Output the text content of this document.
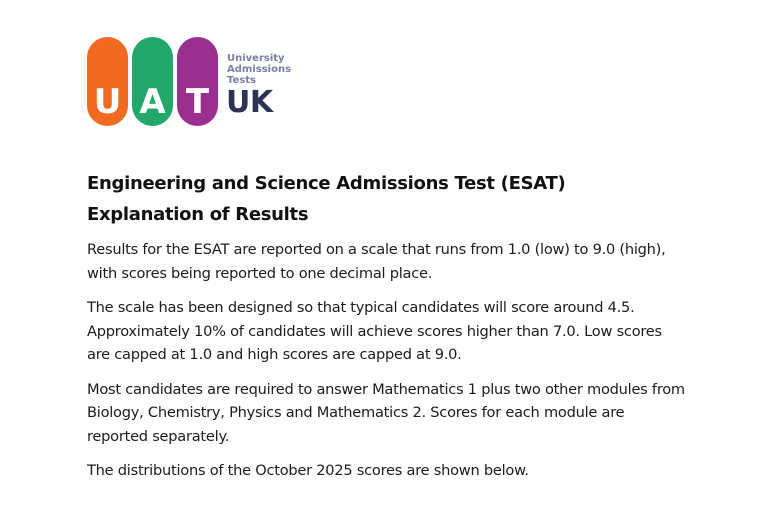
U A T
University
Admissions
Tests
UK
Engineering and Science Admissions Test (ESAT)
Explanation of Results

Results for the ESAT are reported on a scale that runs from 1.0 (low) to 9.0 (high), with scores being reported to one decimal place.

The scale has been designed so that typical candidates will score around 4.5. Approximately 10% of candidates will achieve scores higher than 7.0. Low scores are capped at 1.0 and high scores are capped at 9.0.

Most candidates are required to answer Mathematics 1 plus two other modules from Biology, Chemistry, Physics and Mathematics 2. Scores for each module are reported separately.

The distributions of the October 2025 scores are shown below.
